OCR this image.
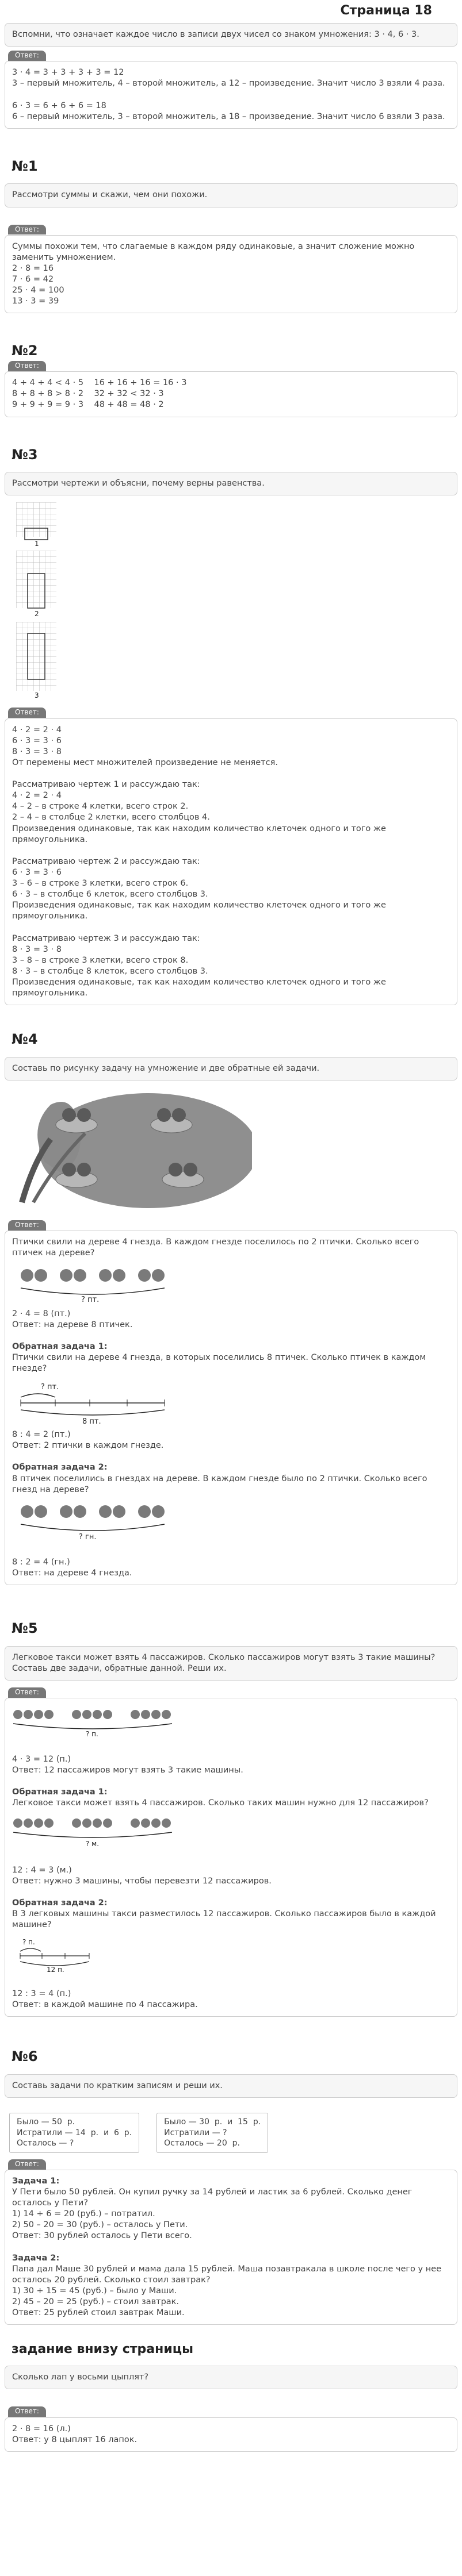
Страница 18
Вспомни, что означает каждое число в записи двух чисел со знаком умножения: 3 · 4, 6 · 3.
Ответ:
3 · 4 = 3 + 3 + 3 + 3 = 12
3 – первый множитель, 4 – второй множитель, а 12 – произведение. Значит число 3 взяли 4 раза.
6 · 3 = 6 + 6 + 6 = 18
6 – первый множитель, 3 – второй множитель, а 18 – произведение. Значит число 6 взяли 3 раза.
№1
Рассмотри суммы и скажи, чем они похожи.
Ответ:
Суммы похожи тем, что слагаемые в каждом ряду одинаковые, а значит сложение можно заменить умножением.
2 · 8 = 16
7 · 6 = 42
25 · 4 = 100
13 · 3 = 39
№2
Ответ:
4 + 4 + 4 < 4 · 5    16 + 16 + 16 = 16 · 3
8 + 8 + 8 > 8 · 2    32 + 32 < 32 · 3
9 + 9 + 9 = 9 · 3    48 + 48 = 48 · 2
№3
Рассмотри чертежи и объясни, почему верны равенства.
1
2
3
Ответ:
4 · 2 = 2 · 4
6 · 3 = 3 · 6
8 · 3 = 3 · 8
От перемены мест множителей произведение не меняется.
Рассматриваю чертеж 1 и рассуждаю так:
4 · 2 = 2 · 4
4 – 2 – в строке 4 клетки, всего строк 2.
2 – 4 – в столбце 2 клетки, всего столбцов 4.
Произведения одинаковые, так как находим количество клеточек одного и того же прямоугольника.
Рассматриваю чертеж 2 и рассуждаю так:
6 · 3 = 3 · 6
3 – 6 – в строке 3 клетки, всего строк 6.
6 · 3 – в столбце 6 клеток, всего столбцов 3.
Произведения одинаковые, так как находим количество клеточек одного и того же прямоугольника.
Рассматриваю чертеж 3 и рассуждаю так:
8 · 3 = 3 · 8
3 – 8 – в строке 3 клетки, всего строк 8.
8 · 3 – в столбце 8 клеток, всего столбцов 3.
Произведения одинаковые, так как находим количество клеточек одного и того же прямоугольника.
№4
Составь по рисунку задачу на умножение и две обратные ей задачи.
Ответ:
Птички свили на дереве 4 гнезда. В каждом гнезде поселилось по 2 птички. Сколько всего птичек на дереве?
? пт.
2 · 4 = 8 (пт.)
Ответ: на дереве 8 птичек.
Обратная задача 1:
Птички свили на дереве 4 гнезда, в которых поселились 8 птичек. Сколько птичек в каждом гнезде?
? пт.
8 пт.
8 : 4 = 2 (пт.)
Ответ: 2 птички в каждом гнезде.
Обратная задача 2:
8 птичек поселились в гнездах на дереве. В каждом гнезде было по 2 птички. Сколько всего гнезд на дереве?
? гн.
8 : 2 = 4 (гн.)
Ответ: на дереве 4 гнезда.
№5
Легковое такси может взять 4 пассажиров. Сколько пассажиров могут взять 3 такие машины? Составь две задачи, обратные данной. Реши их.
Ответ:
? п.
4 · 3 = 12 (п.)
Ответ: 12 пассажиров могут взять 3 такие машины.
Обратная задача 1:
Легковое такси может взять 4 пассажиров. Сколько таких машин нужно для 12 пассажиров?
? м.
12 : 4 = 3 (м.)
Ответ: нужно 3 машины, чтобы перевезти 12 пассажиров.
Обратная задача 2:
В 3 легковых машины такси разместилось 12 пассажиров. Сколько пассажиров было в каждой машине?
? п.
12 п.
12 : 3 = 4 (п.)
Ответ: в каждой машине по 4 пассажира.
№6
Составь задачи по кратким записям и реши их.
Было — 50  р.
Истратили — 14  р.  и  6  р.
Осталось — ?
Было — 30  р.  и  15  р.
Истратили — ?
Осталось — 20  р.
Ответ:
Задача 1:
У Пети было 50 рублей. Он купил ручку за 14 рублей и ластик за 6 рублей. Сколько денег осталось у Пети?
1) 14 + 6 = 20 (руб.) – потратил.
2) 50 – 20 = 30 (руб.) – осталось у Пети.
Ответ: 30 рублей осталось у Пети всего.
Задача 2:
Папа дал Маше 30 рублей и мама дала 15 рублей. Маша позавтракала в школе после чего у нее осталось 20 рублей. Сколько стоил завтрак?
1) 30 + 15 = 45 (руб.) – было у Маши.
2) 45 – 20 = 25 (руб.) – стоил завтрак.
Ответ: 25 рублей стоил завтрак Маши.
задание внизу страницы
Сколько лап у восьми цыплят?
Ответ:
2 · 8 = 16 (л.)
Ответ: у 8 цыплят 16 лапок.
